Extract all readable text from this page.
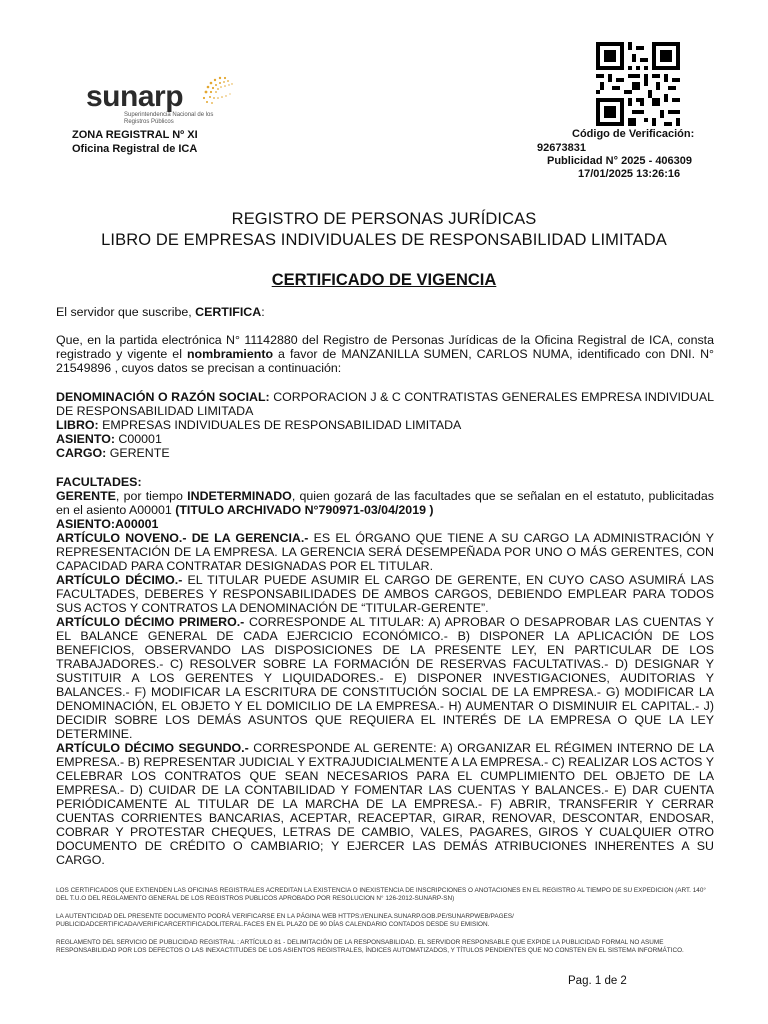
sunarp
Superintendencia Nacional de los Registros Públicos
ZONA REGISTRAL Nº XI
Oficina Registral de ICA
Código de Verificación:
92673831
Publicidad N° 2025 - 406309
17/01/2025 13:26:16
REGISTRO DE PERSONAS JURÍDICAS
LIBRO DE EMPRESAS INDIVIDUALES DE RESPONSABILIDAD LIMITADA
CERTIFICADO DE VIGENCIA
El servidor que suscribe, CERTIFICA:
Que, en la partida electrónica N° 11142880 del Registro de Personas Jurídicas de la Oficina Registral de ICA, consta registrado y vigente el nombramiento a favor de MANZANILLA SUMEN, CARLOS NUMA, identificado con DNI. N° 21549896 , cuyos datos se precisan a continuación:
DENOMINACIÓN O RAZÓN SOCIAL: CORPORACION J & C CONTRATISTAS GENERALES EMPRESA INDIVIDUAL DE RESPONSABILIDAD LIMITADA
LIBRO: EMPRESAS INDIVIDUALES DE RESPONSABILIDAD LIMITADA
ASIENTO: C00001
CARGO: GERENTE
FACULTADES:
GERENTE, por tiempo INDETERMINADO, quien gozará de las facultades que se señalan en el estatuto, publicitadas en el asiento A00001 (TITULO ARCHIVADO N°790971-03/04/2019 )
ASIENTO:A00001
ARTÍCULO NOVENO.- DE LA GERENCIA.- ES EL ÓRGANO QUE TIENE A SU CARGO LA ADMINISTRACIÓN Y REPRESENTACIÓN DE LA EMPRESA. LA GERENCIA SERÁ DESEMPEÑADA POR UNO O MÁS GERENTES, CON CAPACIDAD PARA CONTRATAR DESIGNADAS POR EL TITULAR.
ARTÍCULO DÉCIMO.- EL TITULAR PUEDE ASUMIR EL CARGO DE GERENTE, EN CUYO CASO ASUMIRÁ LAS FACULTADES, DEBERES Y RESPONSABILIDADES DE AMBOS CARGOS, DEBIENDO EMPLEAR PARA TODOS SUS ACTOS Y CONTRATOS LA DENOMINACIÓN DE “TITULAR-GERENTE”.
ARTÍCULO DÉCIMO PRIMERO.- CORRESPONDE AL TITULAR: A) APROBAR O DESAPROBAR LAS CUENTAS Y EL BALANCE GENERAL DE CADA EJERCICIO ECONÓMICO.- B) DISPONER LA APLICACIÓN DE LOS BENEFICIOS, OBSERVANDO LAS DISPOSICIONES DE LA PRESENTE LEY, EN PARTICULAR DE LOS TRABAJADORES.- C) RESOLVER SOBRE LA FORMACIÓN DE RESERVAS FACULTATIVAS.- D) DESIGNAR Y SUSTITUIR A LOS GERENTES Y LIQUIDADORES.- E) DISPONER INVESTIGACIONES, AUDITORIAS Y BALANCES.- F) MODIFICAR LA ESCRITURA DE CONSTITUCIÓN SOCIAL DE LA EMPRESA.- G) MODIFICAR LA DENOMINACIÓN, EL OBJETO Y EL DOMICILIO DE LA EMPRESA.- H) AUMENTAR O DISMINUIR EL CAPITAL.- J) DECIDIR SOBRE LOS DEMÁS ASUNTOS QUE REQUIERA EL INTERÉS DE LA EMPRESA O QUE LA LEY DETERMINE.
ARTÍCULO DÉCIMO SEGUNDO.- CORRESPONDE AL GERENTE: A) ORGANIZAR EL RÉGIMEN INTERNO DE LA EMPRESA.- B) REPRESENTAR JUDICIAL Y EXTRAJUDICIALMENTE A LA EMPRESA.- C) REALIZAR LOS ACTOS Y CELEBRAR LOS CONTRATOS QUE SEAN NECESARIOS PARA EL CUMPLIMIENTO DEL OBJETO DE LA EMPRESA.- D) CUIDAR DE LA CONTABILIDAD Y FOMENTAR LAS CUENTAS Y BALANCES.- E) DAR CUENTA PERIÓDICAMENTE AL TITULAR DE LA MARCHA DE LA EMPRESA.- F) ABRIR, TRANSFERIR Y CERRAR CUENTAS CORRIENTES BANCARIAS, ACEPTAR, REACEPTAR, GIRAR, RENOVAR, DESCONTAR, ENDOSAR, COBRAR Y PROTESTAR CHEQUES, LETRAS DE CAMBIO, VALES, PAGARES, GIROS Y CUALQUIER OTRO DOCUMENTO DE CRÉDITO O CAMBIARIO; Y EJERCER LAS DEMÁS ATRIBUCIONES INHERENTES A SU CARGO.
LOS CERTIFICADOS QUE EXTIENDEN LAS OFICINAS REGISTRALES ACREDITAN LA EXISTENCIA O INEXISTENCIA DE INSCRIPCIONES O ANOTACIONES EN EL REGISTRO AL TIEMPO DE SU EXPEDICION (ART. 140° DEL T.U.O DEL REGLAMENTO GENERAL DE LOS REGISTROS PUBLICOS APROBADO POR RESOLUCION N° 126-2012-SUNARP-SN)
LA AUTENTICIDAD DEL PRESENTE DOCUMENTO PODRÁ VERIFICARSE EN LA PÁGINA WEB HTTPS://ENLINEA.SUNARP.GOB.PE/SUNARPWEB/PAGES/ PUBLICIDADCERTIFICADA/VERIFICARCERTIFICADOLITERAL.FACES EN EL PLAZO DE 90 DÍAS CALENDARIO CONTADOS DESDE SU EMISION.
REGLAMENTO DEL SERVICIO DE PUBLICIDAD REGISTRAL : ARTÍCULO 81 - DELIMITACIÓN DE LA RESPONSABILIDAD. EL SERVIDOR RESPONSABLE QUE EXPIDE LA PUBLICIDAD FORMAL NO ASUME RESPONSABILIDAD POR LOS DEFECTOS O LAS INEXACTITUDES DE LOS ASIENTOS REGISTRALES, ÍNDICES AUTOMATIZADOS, Y TÍTULOS PENDIENTES QUE NO CONSTEN EN EL SISTEMA INFORMÁTICO.
Pag. 1 de 2
